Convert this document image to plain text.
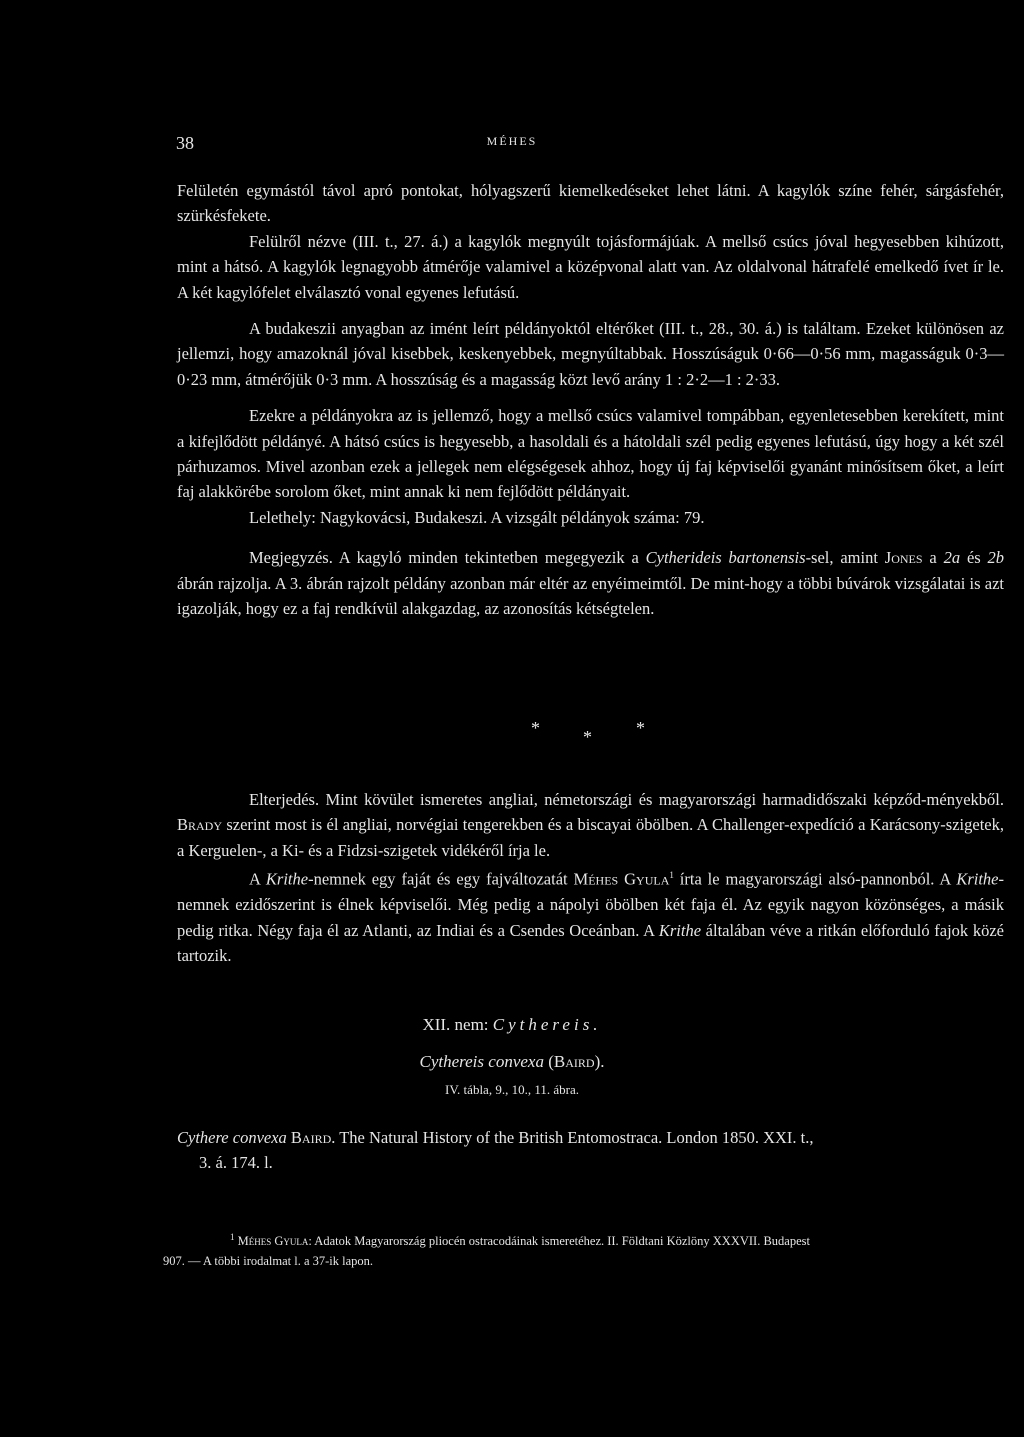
38	MÉHES

Felületén egymástól távol apró pontokat, hólyagszerű kiemelkedéseket lehet látni. A kagylók színe fehér, sárgásfehér, szürkésfekete.

Felülről nézve (III. t., 27. á.) a kagylók megnyúlt tojásformájúak. A mellső csúcs jóval hegyesebben kihúzott, mint a hátsó. A kagylók legnagyobb átmérője valamivel a középvonal alatt van. Az oldalvonal hátrafelé emelkedő ívet ír le. A két kagylófelet elválasztó vonal egyenes lefutású.

A budakeszii anyagban az imént leírt példányoktól eltérőket (III. t., 28., 30. á.) is találtam. Ezeket különösen az jellemzi, hogy amazoknál jóval kisebbek, keskenyebbek, megnyúltabbak. Hosszúságuk 0·66—0·56 mm, magasságuk 0·3—0·23 mm, átmérőjük 0·3 mm. A hosszúság és a magasság közt levő arány 1 : 2·2—1 : 2·33.

Ezekre a példányokra az is jellemző, hogy a mellső csúcs valamivel tompábban, egyenletesebben kerekített, mint a kifejlődött példányé. A hátsó csúcs is hegyesebb, a hasoldali és a hátoldali szél pedig egyenes lefutású, úgy hogy a két szél párhuzamos. Mivel azonban ezek a jellegek nem elégségesek ahhoz, hogy új faj képviselői gyanánt minősítsem őket, a leírt faj alakkörébe sorolom őket, mint annak ki nem fejlődött példányait.

Lelethely: Nagykovácsi, Budakeszi. A vizsgált példányok száma: 79.

Megjegyzés. A kagyló minden tekintetben megegyezik a Cytherideis bartonensis-sel, amint Jones a 2a és 2b ábrán rajzolja. A 3. ábrán rajzolt példány azonban már eltér az enyéimeimtől. De mint-hogy a többi búvárok vizsgálatai is azt igazolják, hogy ez a faj rendkívül alakgazdag, az azonosítás kétségtelen.

* * *

Elterjedés. Mint kövület ismeretes angliai, németországi és magyarországi harmadidőszaki képződ-ményekből. Brady szerint most is él angliai, norvégiai tengerekben és a biscayai öbölben. A Challenger-expedíció a Karácsony-szigetek, a Kerguelen-, a Ki- és a Fidzsi-szigetek vidékéről írja le.

A Krithe-nemnek egy faját és egy fajváltozatát Méhes Gyula$^1$ írta le magyarországi alsó-pannonból. A Krithe-nemnek ezidőszerint is élnek képviselői. Még pedig a nápolyi öbölben két faja él. Az egyik nagyon közönséges, a másik pedig ritka. Négy faja él az Atlanti, az Indiai és a Csendes Oceánban. A Krithe általában véve a ritkán előforduló fajok közé tartozik.

XII. nem: Cythereis.
Cythereis convexa (Baird).
IV. tábla, 9., 10., 11. ábra.

Cythere convexa Baird. The Natural History of the British Entomostraca. London 1850. XXI. t.,

3. á. 174. l.

$^1$ Méhes Gyula: Adatok Magyarország pliocén ostracodáinak ismeretéhez. II. Földtani Közlöny XXXVII. Budapest

907. — A többi irodalmat l. a 37-ik lapon.
